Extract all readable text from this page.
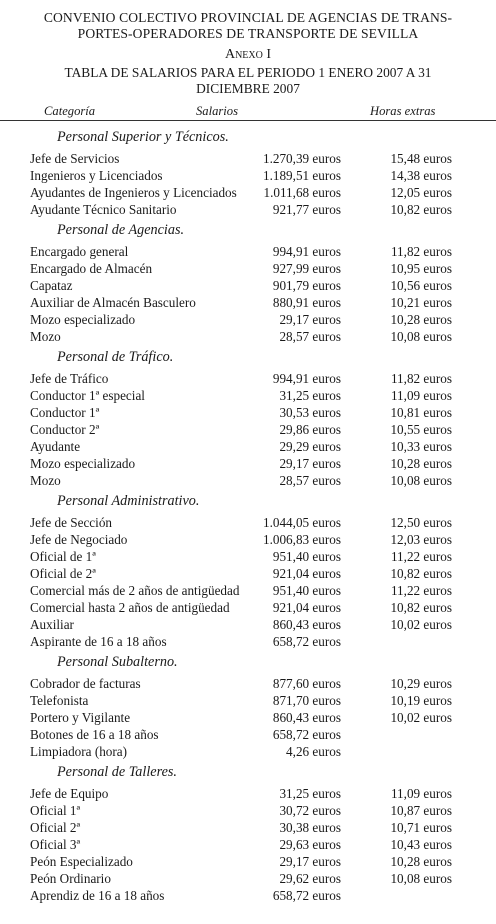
CONVENIO COLECTIVO PROVINCIAL DE AGENCIAS DE TRANS-
PORTES-OPERADORES DE TRANSPORTE DE SEVILLA
Anexo I
TABLA DE SALARIOS PARA EL PERIODO 1 ENERO 2007 A 31
DICIEMBRE 2007
Categoría	Salarios	Horas extras
Personal Superior y Técnicos.
Jefe de Servicios	1.270,39 euros	15,48 euros
Ingenieros y Licenciados	1.189,51 euros	14,38 euros
Ayudantes de Ingenieros y Licenciados 1.011,68 euros	12,05 euros
Ayudante Técnico Sanitario	921,77 euros	10,82 euros
Personal de Agencias.
Encargado general	994,91 euros	11,82 euros
Encargado de Almacén	927,99 euros	10,95 euros
Capataz	901,79 euros	10,56 euros
Auxiliar de Almacén Basculero	880,91 euros	10,21 euros
Mozo especializado	29,17 euros	10,28 euros
Mozo	28,57 euros	10,08 euros
Personal de Tráfico.
Jefe de Tráfico	994,91 euros	11,82 euros
Conductor 1ª especial	31,25 euros	11,09 euros
Conductor 1ª	30,53 euros	10,81 euros
Conductor 2ª	29,86 euros	10,55 euros
Ayudante	29,29 euros	10,33 euros
Mozo especializado	29,17 euros	10,28 euros
Mozo	28,57 euros	10,08 euros
Personal Administrativo.
Jefe de Sección	1.044,05 euros	12,50 euros
Jefe de Negociado	1.006,83 euros	12,03 euros
Oficial de 1ª	951,40 euros	11,22 euros
Oficial de 2ª	921,04 euros	10,82 euros
Comercial más de 2 años de antigüedad	951,40 euros	11,22 euros
Comercial hasta 2 años de antigüedad	921,04 euros	10,82 euros
Auxiliar	860,43 euros	10,02 euros
Aspirante de 16 a 18 años	658,72 euros
Personal Subalterno.
Cobrador de facturas	877,60 euros	10,29 euros
Telefonista	871,70 euros	10,19 euros
Portero y Vigilante	860,43 euros	10,02 euros
Botones de 16 a 18 años	658,72 euros
Limpiadora (hora)	4,26 euros
Personal de Talleres.
Jefe de Equipo	31,25 euros	11,09 euros
Oficial 1ª	30,72 euros	10,87 euros
Oficial 2ª	30,38 euros	10,71 euros
Oficial 3ª	29,63 euros	10,43 euros
Peón Especializado	29,17 euros	10,28 euros
Peón Ordinario	29,62 euros	10,08 euros
Aprendiz de 16 a 18 años	658,72 euros
